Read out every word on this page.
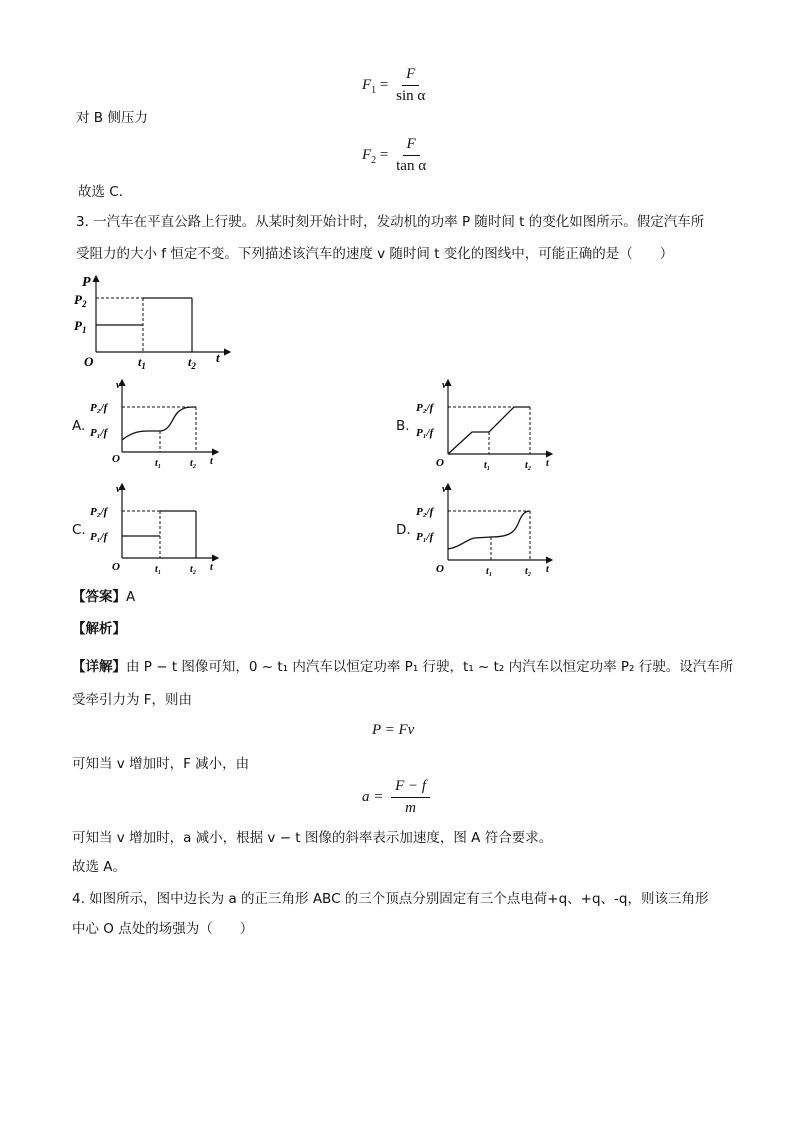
$F_1 = \frac{F}{\text{sin α}}$
对 B 侧压力
$F_2 = \frac{F}{\text{tan α}}$
故选 C．
3. 一汽车在平直公路上行驶。从某时刻开始计时，发动机的功率 P 随时间 t 的变化如图所示。假定汽车所
受阻力的大小 f 恒定不变。下列描述该汽车的速度 v 随时间 t 变化的图线中，可能正确的是（　　）
P
$P_2$
$P_1$
O	$t_1$	$t_2$
t
A.
v
P₂/f
P₁/f
O	t₁	t₂ t
B.
v
P₂/f
P₁/f
O	t₁	t₂ t
C.
v
P₂/f
P₁/f
O	t₁	t₂ t
D.
v
P₂/f
P₁/f
O	t₁	t₂ t
【答案】A
【解析】
【详解】由 P − t 图像可知，0 ~ t₁ 内汽车以恒定功率 P₁ 行驶，t₁ ~ t₂ 内汽车以恒定功率 P₂ 行驶。设汽车所
受牵引力为 F，则由
P = Fv
可知当 v 增加时，F 减小，由
$a = \frac{F - f}{m}$
可知当 v 增加时，a 减小，根据 v − t 图像的斜率表示加速度，图 A 符合要求。
故选 A。
4. 如图所示，图中边长为 a 的正三角形 ABC 的三个顶点分别固定有三个点电荷+q、+q、-q，则该三角形
中心 O 点处的场强为（　　）
